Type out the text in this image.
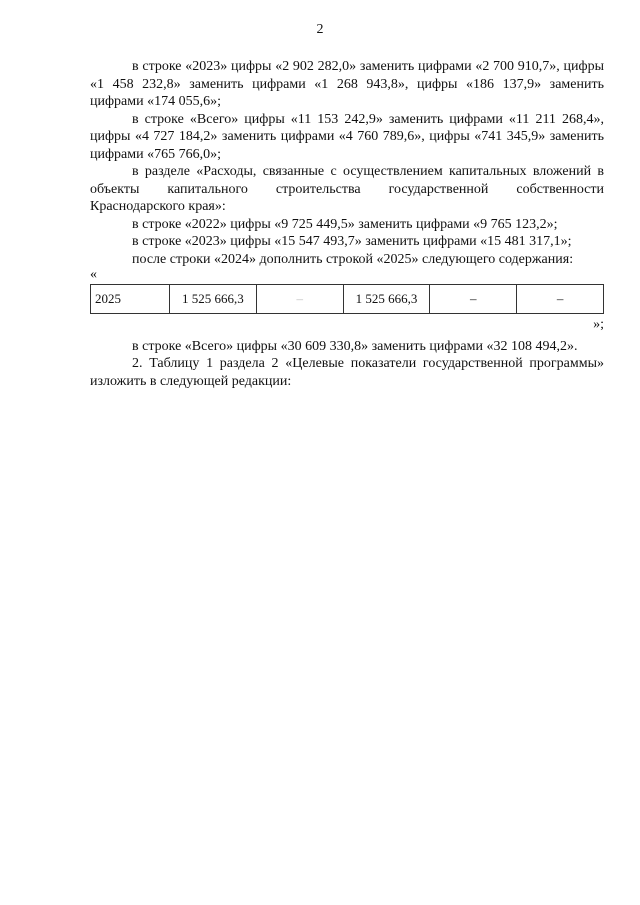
2

в строке «2023» цифры «2 902 282,0» заменить цифрами «2 700 910,7», цифры «1 458 232,8» заменить цифрами «1 268 943,8», цифры «186 137,9» заменить цифрами «174 055,6»;

в строке «Всего» цифры «11 153 242,9» заменить цифрами «11 211 268,4», цифры «4 727 184,2» заменить цифрами «4 760 789,6», цифры «741 345,9» заменить цифрами «765 766,0»;

в разделе «Расходы, связанные с осуществлением капитальных вложений в объекты капитального строительства государственной собственности Краснодарского края»:

в строке «2022» цифры «9 725 449,5» заменить цифрами «9 765 123,2»;

в строке «2023» цифры «15 547 493,7» заменить цифрами «15 481 317,1»;

после строки «2024» дополнить строкой «2025» следующего содержания:

«

2025	1 525 666,3	–	1 525 666,3	–	–

»;

в строке «Всего» цифры «30 609 330,8» заменить цифрами «32 108 494,2».

2. Таблицу 1 раздела 2 «Целевые показатели государственной программы» изложить в следующей редакции:
